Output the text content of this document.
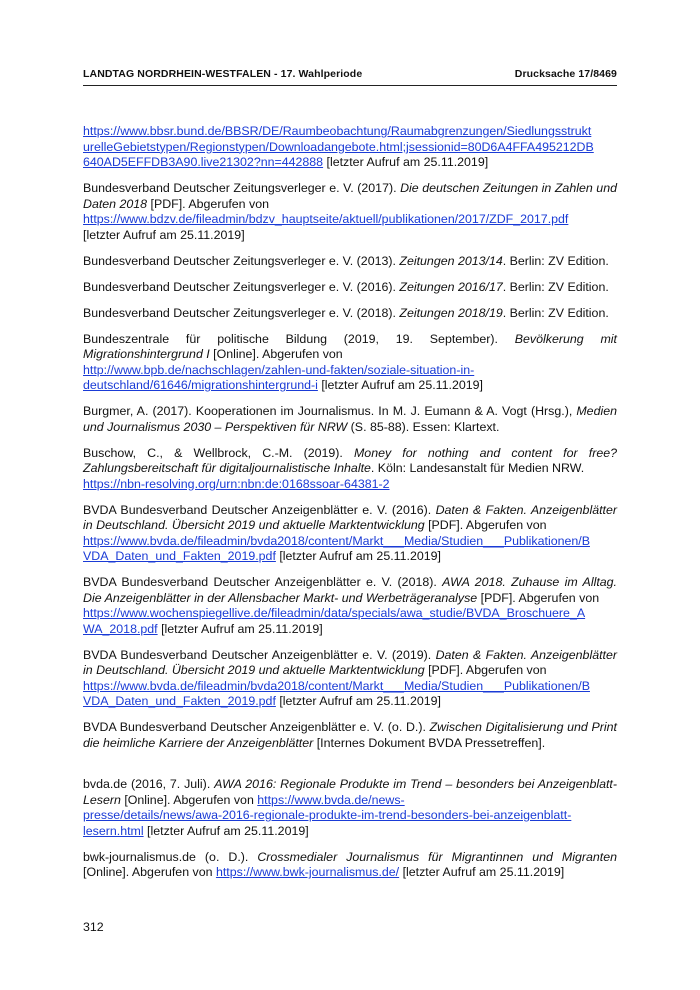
LANDTAG NORDRHEIN-WESTFALEN - 17. Wahlperiode	Drucksache 17/8469

https://www.bbsr.bund.de/BBSR/DE/Raumbeobachtung/Raumabgrenzungen/Siedlungsstrukt
urelleGebietstypen/Regionstypen/Downloadangebote.html;jsessionid=80D6A4FFA495212DB
640AD5EFFDB3A90.live21302?nn=442888 [letzter Aufruf am 25.11.2019]

Bundesverband Deutscher Zeitungsverleger e. V. (2017). Die deutschen Zeitungen in Zahlen und Daten 2018 [PDF]. Abgerufen von
https://www.bdzv.de/fileadmin/bdzv_hauptseite/aktuell/publikationen/2017/ZDF_2017.pdf
[letzter Aufruf am 25.11.2019]

Bundesverband Deutscher Zeitungsverleger e. V. (2013). Zeitungen 2013/14. Berlin: ZV Edition.

Bundesverband Deutscher Zeitungsverleger e. V. (2016). Zeitungen 2016/17. Berlin: ZV Edition.

Bundesverband Deutscher Zeitungsverleger e. V. (2018). Zeitungen 2018/19. Berlin: ZV Edition.

Bundeszentrale für politische Bildung (2019, 19. September). Bevölkerung mit Migrationshintergrund I [Online]. Abgerufen von
http://www.bpb.de/nachschlagen/zahlen-und-fakten/soziale-situation-in-
deutschland/61646/migrationshintergrund-i [letzter Aufruf am 25.11.2019]

Burgmer, A. (2017). Kooperationen im Journalismus. In M. J. Eumann & A. Vogt (Hrsg.), Medien und Journalismus 2030 – Perspektiven für NRW (S. 85-88). Essen: Klartext.

Buschow, C., & Wellbrock, C.-M. (2019). Money for nothing and content for free? Zahlungsbereitschaft für digitaljournalistische Inhalte. Köln: Landesanstalt für Medien NRW.
https://nbn-resolving.org/urn:nbn:de:0168ssoar-64381-2

BVDA Bundesverband Deutscher Anzeigenblätter e. V. (2016). Daten & Fakten. Anzeigenblätter in Deutschland. Übersicht 2019 und aktuelle Marktentwicklung [PDF]. Abgerufen von
https://www.bvda.de/fileadmin/bvda2018/content/Markt___Media/Studien___Publikationen/B
VDA_Daten_und_Fakten_2019.pdf [letzter Aufruf am 25.11.2019]

BVDA Bundesverband Deutscher Anzeigenblätter e. V. (2018). AWA 2018. Zuhause im Alltag. Die Anzeigenblätter in der Allensbacher Markt- und Werbeträgeranalyse [PDF]. Abgerufen von
https://www.wochenspiegellive.de/fileadmin/data/specials/awa_studie/BVDA_Broschuere_A
WA_2018.pdf [letzter Aufruf am 25.11.2019]

BVDA Bundesverband Deutscher Anzeigenblätter e. V. (2019). Daten & Fakten. Anzeigenblätter in Deutschland. Übersicht 2019 und aktuelle Marktentwicklung [PDF]. Abgerufen von
https://www.bvda.de/fileadmin/bvda2018/content/Markt___Media/Studien___Publikationen/B
VDA_Daten_und_Fakten_2019.pdf [letzter Aufruf am 25.11.2019]

BVDA Bundesverband Deutscher Anzeigenblätter e. V. (o. D.). Zwischen Digitalisierung und Print die heimliche Karriere der Anzeigenblätter [Internes Dokument BVDA Pressetreffen].

bvda.de (2016, 7. Juli). AWA 2016: Regionale Produkte im Trend – besonders bei Anzeigenblatt-Lesern [Online]. Abgerufen von https://www.bvda.de/news-
presse/details/news/awa-2016-regionale-produkte-im-trend-besonders-bei-anzeigenblatt-
lesern.html [letzter Aufruf am 25.11.2019]

bwk-journalismus.de (o. D.). Crossmedialer Journalismus für Migrantinnen und Migranten [Online]. Abgerufen von https://www.bwk-journalismus.de/ [letzter Aufruf am 25.11.2019]

312
